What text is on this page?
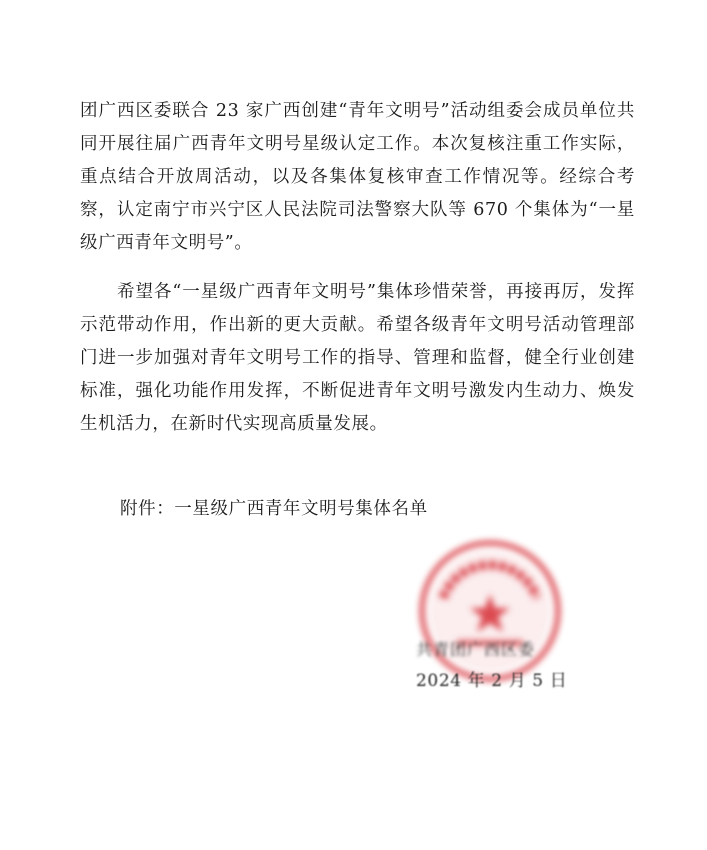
团广西区委联合 23 家广西创建“青年文明号”活动组委会成员单位共同开展往届广西青年文明号星级认定工作。本次复核注重工作实际，重点结合开放周活动，以及各集体复核审查工作情况等。经综合考察，认定南宁市兴宁区人民法院司法警察大队等 670 个集体为“一星级广西青年文明号”。

希望各“一星级广西青年文明号”集体珍惜荣誉，再接再厉，发挥示范带动作用，作出新的更大贡献。希望各级青年文明号活动管理部门进一步加强对青年文明号工作的指导、管理和监督，健全行业创建标准，强化功能作用发挥，不断促进青年文明号激发内生动力、焕发生机活力，在新时代实现高质量发展。

附件：一星级广西青年文明号集体名单
共青团广西区委
2024 年 2 月 5 日
